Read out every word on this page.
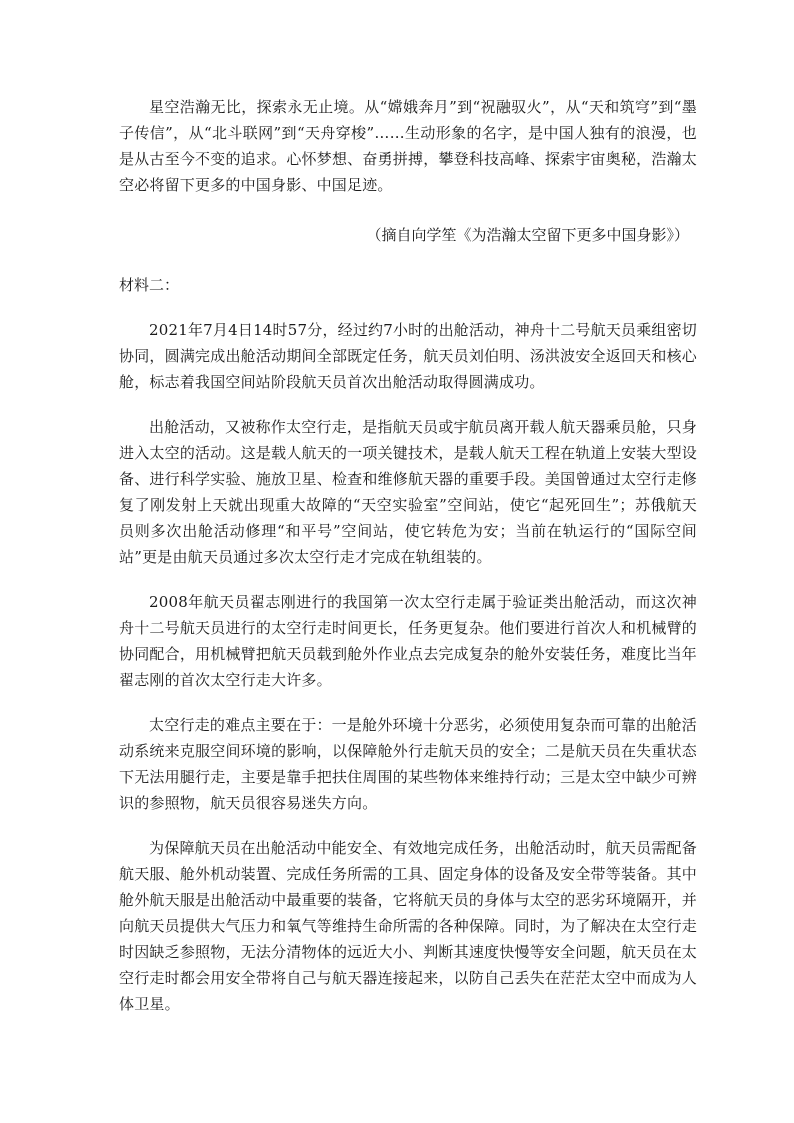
星空浩瀚无比，探索永无止境。从“嫦娥奔月”到“祝融驭火”，从“天和筑穹”到“墨子传信”，从“北斗联网”到“天舟穿梭”……生动形象的名字，是中国人独有的浪漫，也是从古至今不变的追求。心怀梦想、奋勇拼搏，攀登科技高峰、探索宇宙奥秘，浩瀚太空必将留下更多的中国身影、中国足迹。

（摘自向学笙《为浩瀚太空留下更多中国身影》）

材料二：

2021年7月4日14时57分，经过约7小时的出舱活动，神舟十二号航天员乘组密切协同，圆满完成出舱活动期间全部既定任务，航天员刘伯明、汤洪波安全返回天和核心舱，标志着我国空间站阶段航天员首次出舱活动取得圆满成功。

出舱活动，又被称作太空行走，是指航天员或宇航员离开载人航天器乘员舱，只身进入太空的活动。这是载人航天的一项关键技术，是载人航天工程在轨道上安装大型设备、进行科学实验、施放卫星、检查和维修航天器的重要手段。美国曾通过太空行走修复了刚发射上天就出现重大故障的“天空实验室”空间站，使它“起死回生”；苏俄航天员则多次出舱活动修理“和平号”空间站，使它转危为安；当前在轨运行的“国际空间站”更是由航天员通过多次太空行走才完成在轨组装的。

2008年航天员翟志刚进行的我国第一次太空行走属于验证类出舱活动，而这次神舟十二号航天员进行的太空行走时间更长，任务更复杂。他们要进行首次人和机械臂的协同配合，用机械臂把航天员载到舱外作业点去完成复杂的舱外安装任务，难度比当年翟志刚的首次太空行走大许多。

太空行走的难点主要在于：一是舱外环境十分恶劣，必须使用复杂而可靠的出舱活动系统来克服空间环境的影响，以保障舱外行走航天员的安全；二是航天员在失重状态下无法用腿行走，主要是靠手把扶住周围的某些物体来维持行动；三是太空中缺少可辨识的参照物，航天员很容易迷失方向。

为保障航天员在出舱活动中能安全、有效地完成任务，出舱活动时，航天员需配备航天服、舱外机动装置、完成任务所需的工具、固定身体的设备及安全带等装备。其中舱外航天服是出舱活动中最重要的装备，它将航天员的身体与太空的恶劣环境隔开，并向航天员提供大气压力和氧气等维持生命所需的各种保障。同时，为了解决在太空行走时因缺乏参照物，无法分清物体的远近大小、判断其速度快慢等安全问题，航天员在太空行走时都会用安全带将自己与航天器连接起来，以防自己丢失在茫茫太空中而成为人体卫星。
